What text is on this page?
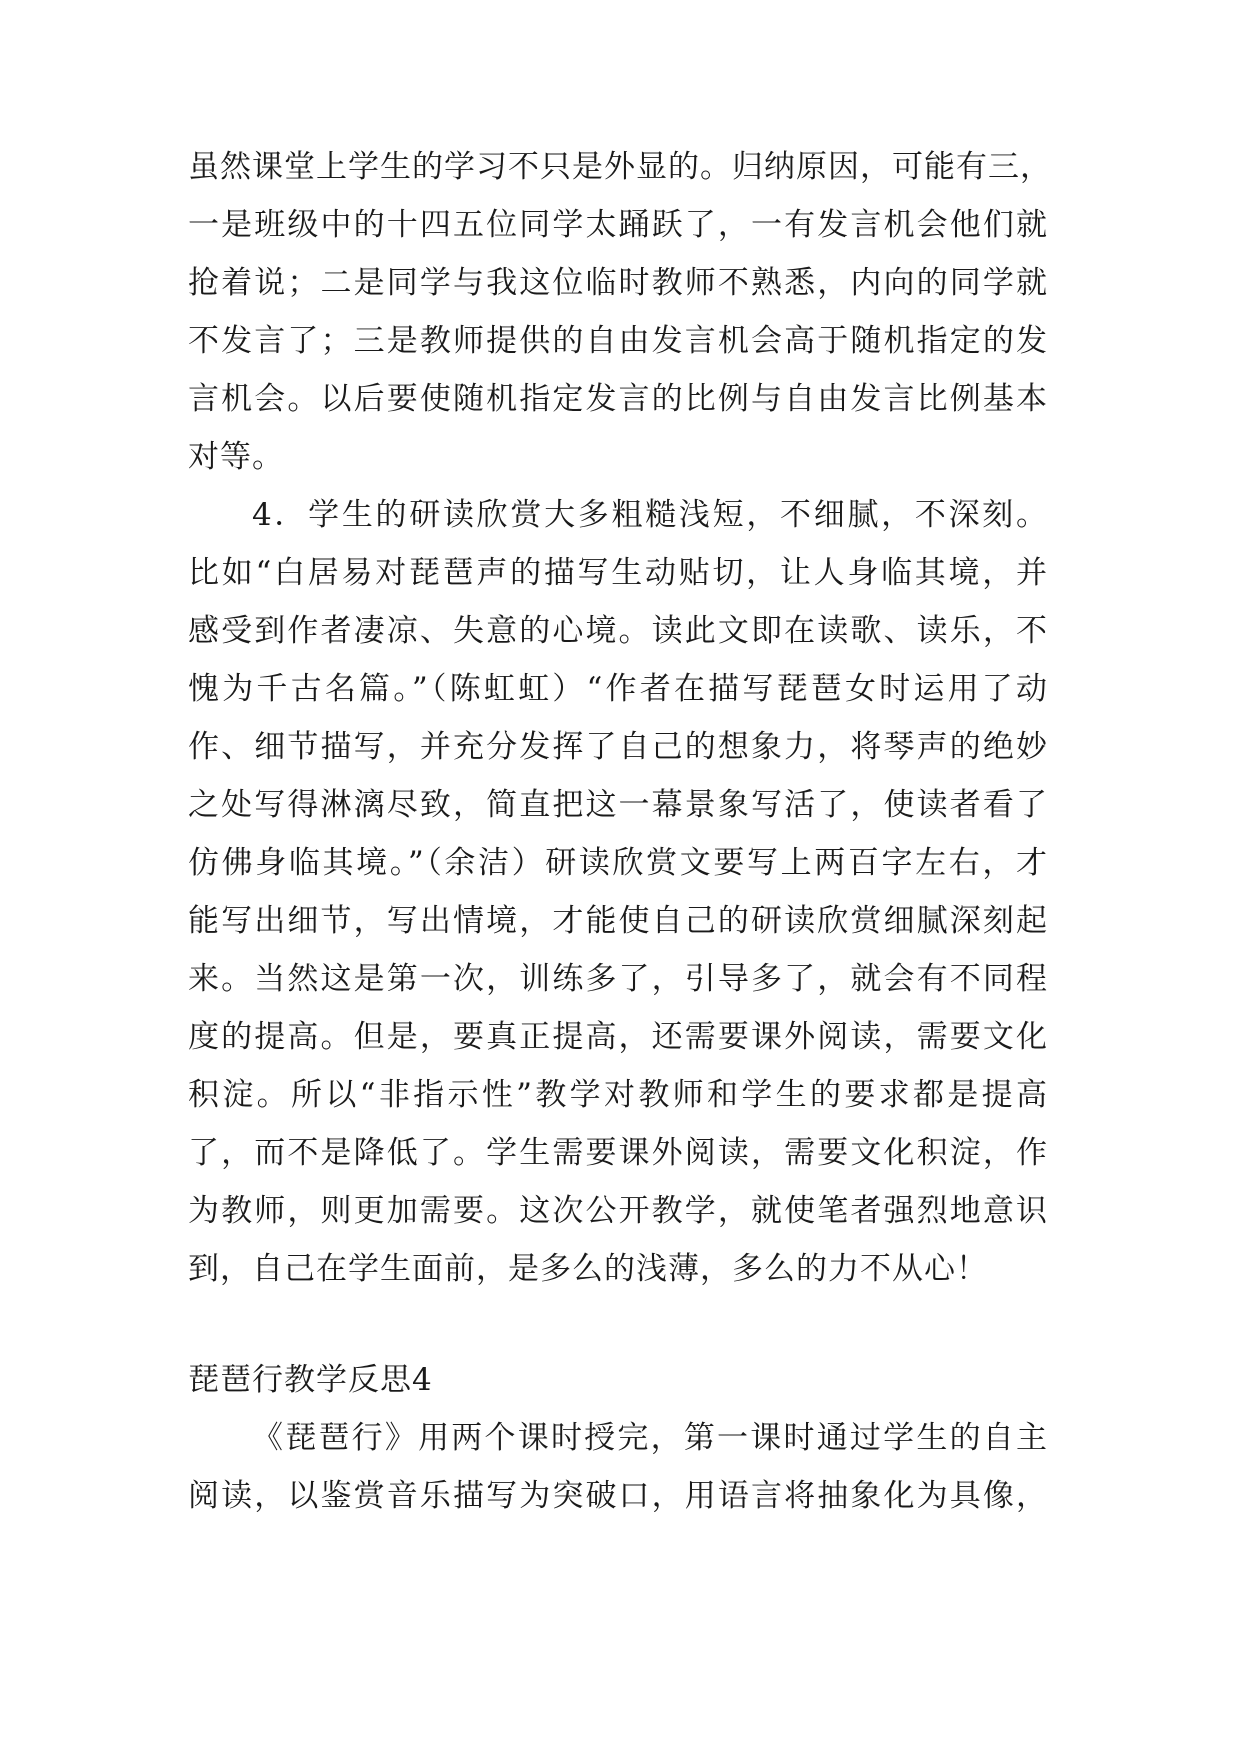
虽然课堂上学生的学习不只是外显的。归纳原因，可能有三，
一是班级中的十四五位同学太踊跃了，一有发言机会他们就
抢着说；二是同学与我这位临时教师不熟悉，内向的同学就
不发言了；三是教师提供的自由发言机会高于随机指定的发
言机会。以后要使随机指定发言的比例与自由发言比例基本
对等。
4．学生的研读欣赏大多粗糙浅短，不细腻，不深刻。
比如“白居易对琵琶声的描写生动贴切，让人身临其境，并
感受到作者凄凉、失意的心境。读此文即在读歌、读乐，不
愧为千古名篇。”（陈虹虹）“作者在描写琵琶女时运用了动
作、细节描写，并充分发挥了自己的想象力，将琴声的绝妙
之处写得淋漓尽致，简直把这一幕景象写活了，使读者看了
仿佛身临其境。”（余洁）研读欣赏文要写上两百字左右，才
能写出细节，写出情境，才能使自己的研读欣赏细腻深刻起
来。当然这是第一次，训练多了，引导多了，就会有不同程
度的提高。但是，要真正提高，还需要课外阅读，需要文化
积淀。所以“非指示性”教学对教师和学生的要求都是提高
了，而不是降低了。学生需要课外阅读，需要文化积淀，作
为教师，则更加需要。这次公开教学，就使笔者强烈地意识
到，自己在学生面前，是多么的浅薄，多么的力不从心！
琵琶行教学反思4
《琵琶行》用两个课时授完，第一课时通过学生的自主
阅读，以鉴赏音乐描写为突破口，用语言将抽象化为具像，
